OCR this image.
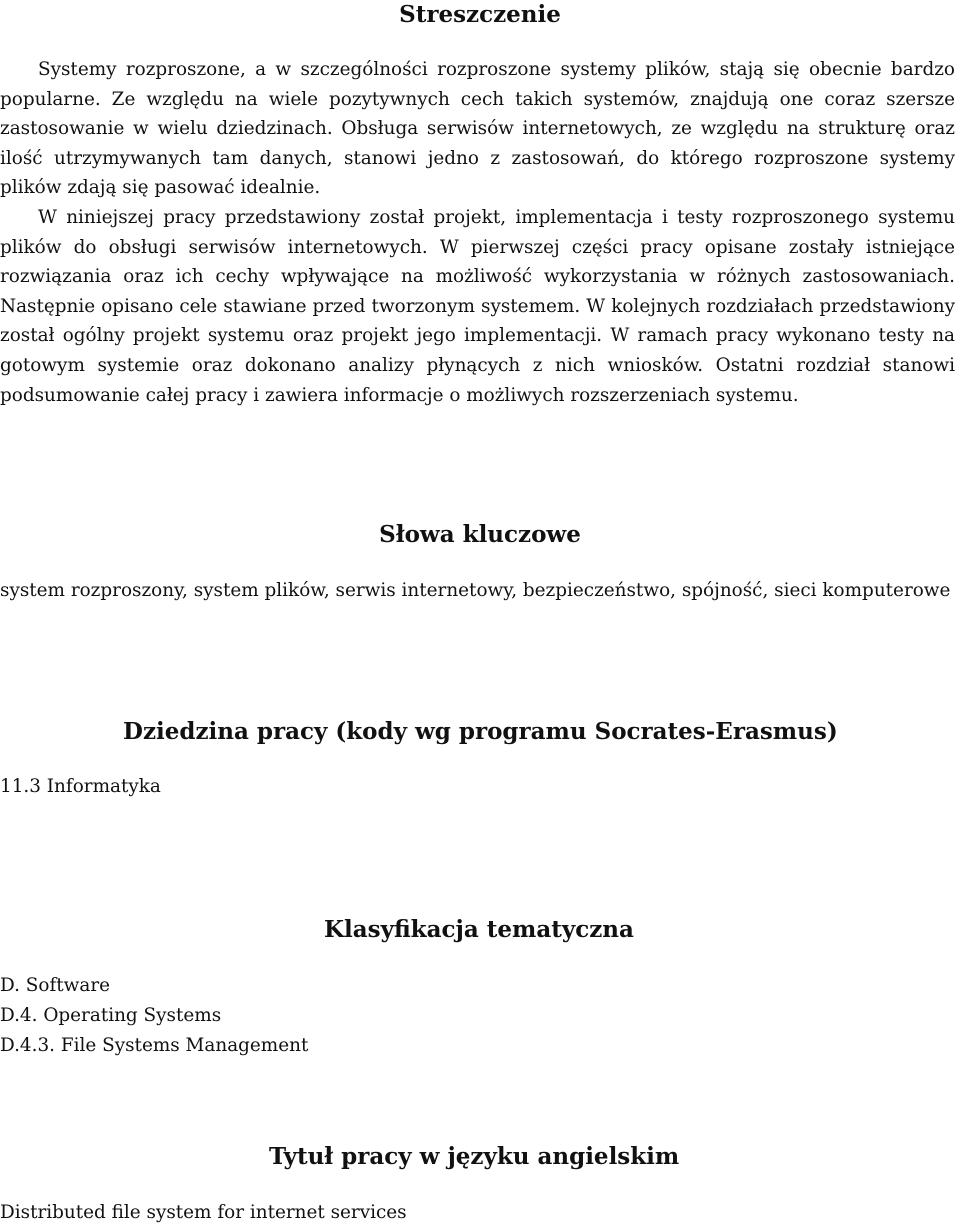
Streszczenie

Systemy rozproszone, a w szczególności rozproszone systemy plików, stają się obecnie bardzo popularne. Ze względu na wiele pozytywnych cech takich systemów, znajdują one coraz szersze zastosowanie w wielu dziedzinach. Obsługa serwisów internetowych, ze względu na strukturę oraz ilość utrzymywanych tam danych, stanowi jedno z zastosowań, do którego rozproszone systemy plików zdają się pasować idealnie.

W niniejszej pracy przedstawiony został projekt, implementacja i testy rozproszonego systemu plików do obsługi serwisów internetowych. W pierwszej części pracy opisane zostały istniejące rozwiązania oraz ich cechy wpływające na możliwość wykorzystania w różnych zastosowaniach. Następnie opisano cele stawiane przed tworzonym systemem. W kolejnych rozdziałach przedstawiony został ogólny projekt systemu oraz projekt jego implementacji. W ramach pracy wykonano testy na gotowym systemie oraz dokonano analizy płynących z nich wniosków. Ostatni rozdział stanowi podsumowanie całej pracy i zawiera informacje o możliwych rozszerzeniach systemu.

Słowa kluczowe

system rozproszony, system plików, serwis internetowy, bezpieczeństwo, spójność, sieci komputerowe

Dziedzina pracy (kody wg programu Socrates-Erasmus)

11.3 Informatyka

Klasyfikacja tematyczna

D. Software

D.4. Operating Systems

D.4.3. File Systems Management

Tytuł pracy w języku angielskim

Distributed file system for internet services
